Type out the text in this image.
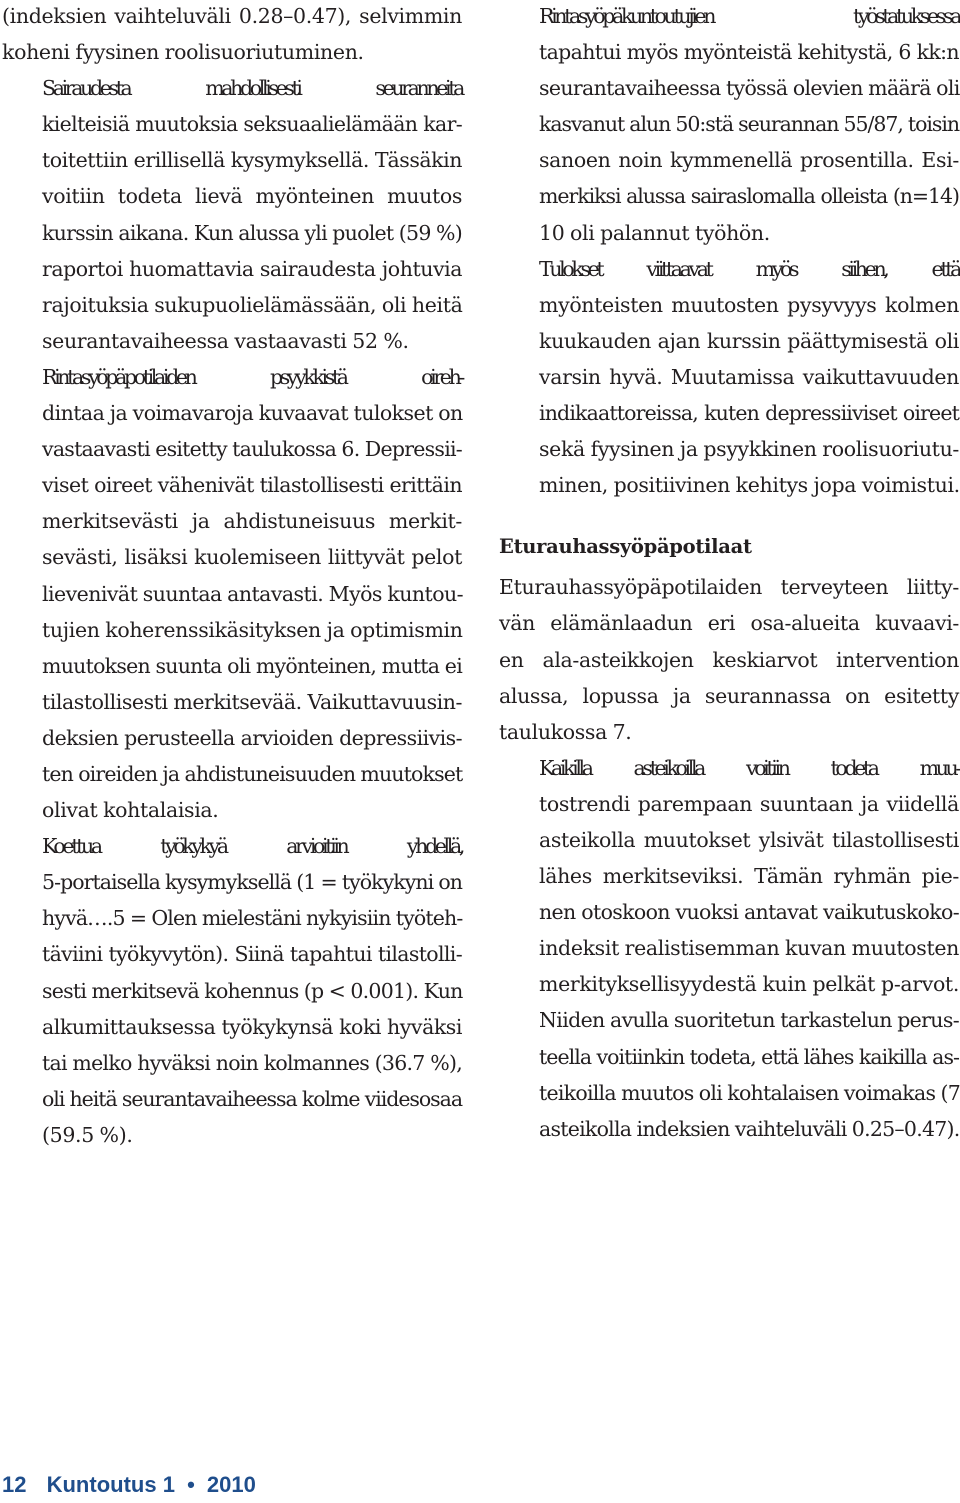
(indeksien vaihteluväli 0.28–0.47), selvimmin
koheni fyysinen roolisuoriutuminen.

Sairaudesta mahdollisesti seuranneita
kielteisiä muutoksia seksuaalielämään kar-
toitettiin erillisellä kysymyksellä. Tässäkin
voitiin todeta lievä myönteinen muutos
kurssin aikana. Kun alussa yli puolet (59 %)
raportoi huomattavia sairaudesta johtuvia
rajoituksia sukupuolielämässään, oli heitä
seurantavaiheessa vastaavasti 52 %.

Rintasyöpäpotilaiden psyykkistä oireh-
dintaa ja voimavaroja kuvaavat tulokset on
vastaavasti esitetty taulukossa 6. Depressii-
viset oireet vähenivät tilastollisesti erittäin
merkitsevästi ja ahdistuneisuus merkit-
sevästi, lisäksi kuolemiseen liittyvät pelot
lievenivät suuntaa antavasti. Myös kuntou-
tujien koherenssikäsityksen ja optimismin
muutoksen suunta oli myönteinen, mutta ei
tilastollisesti merkitsevää. Vaikuttavuusin-
deksien perusteella arvioiden depressiivis-
ten oireiden ja ahdistuneisuuden muutokset
olivat kohtalaisia.

Koettua työkykyä arvioitiin yhdellä,
5-portaisella kysymyksellä (1 = työkykyni on
hyvä….5 = Olen mielestäni nykyisiin työteh-
täviini työkyvytön). Siinä tapahtui tilastolli-
sesti merkitsevä kohennus (p < 0.001). Kun
alkumittauksessa työkykynsä koki hyväksi
tai melko hyväksi noin kolmannes (36.7 %),
oli heitä seurantavaiheessa kolme viidesosaa
(59.5 %).

Rintasyöpäkuntoutujien työstatuksessa
tapahtui myös myönteistä kehitystä, 6 kk:n
seurantavaiheessa työssä olevien määrä oli
kasvanut alun 50:stä seurannan 55/87, toisin
sanoen noin kymmenellä prosentilla. Esi-
merkiksi alussa sairaslomalla olleista (n=14)
10 oli palannut työhön.

Tulokset viittaavat myös siihen, että
myönteisten muutosten pysyvyys kolmen
kuukauden ajan kurssin päättymisestä oli
varsin hyvä. Muutamissa vaikuttavuuden
indikaattoreissa, kuten depressiiviset oireet
sekä fyysinen ja psyykkinen roolisuoriutu-
minen, positiivinen kehitys jopa voimistui.

Eturauhassyöpäpotilaat

Eturauhassyöpäpotilaiden terveyteen liitty-
vän elämänlaadun eri osa-alueita kuvaavi-
en ala-asteikkojen keskiarvot intervention
alussa, lopussa ja seurannassa on esitetty
taulukossa 7.

Kaikilla asteikoilla voitiin todeta muu-
tostrendi parempaan suuntaan ja viidellä
asteikolla muutokset ylsivät tilastollisesti
lähes merkitseviksi. Tämän ryhmän pie-
nen otoskoon vuoksi antavat vaikutuskoko-
indeksit realistisemman kuvan muutosten
merkityksellisyydestä kuin pelkät p-arvot.
Niiden avulla suoritetun tarkastelun perus-
teella voitiinkin todeta, että lähes kaikilla as-
teikoilla muutos oli kohtalaisen voimakas (7
asteikolla indeksien vaihteluväli 0.25–0.47).

12 Kuntoutus 1 • 2010
